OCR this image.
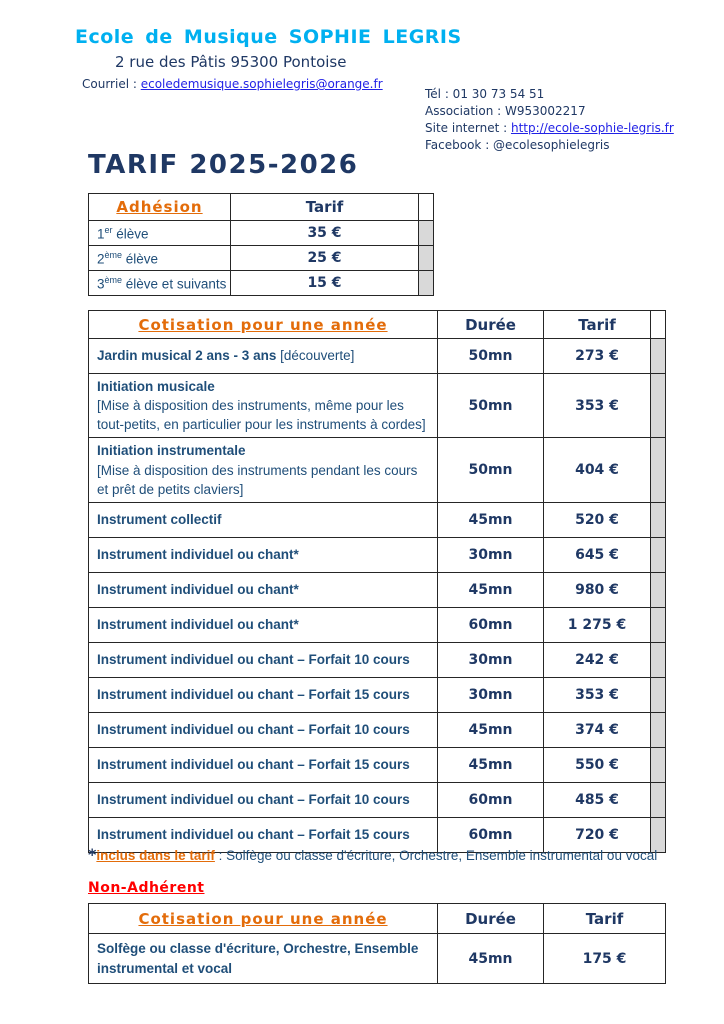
Ecole de Musique SOPHIE LEGRIS
2 rue des Pâtis 95300 Pontoise
Courriel : ecoledemusique.sophielegris@orange.fr
Tél : 01 30 73 54 51
Association : W953002217
Site internet : http://ecole-sophie-legris.fr
Facebook : @ecolesophielegris
TARIF 2025-2026
Adhésion	Tarif	
1er élève	35 €	
2ème élève	25 €	
3ème élève et suivants	15 €	
Cotisation pour une année	Durée	Tarif	
Jardin musical 2 ans - 3 ans [découverte]	50mn	273 €	
Initiation musicale
[Mise à disposition des instruments, même pour les tout-petits, en particulier pour les instruments à cordes]	50mn	353 €	
Initiation instrumentale
[Mise à disposition des instruments pendant les cours et prêt de petits claviers]	50mn	404 €	
Instrument collectif	45mn	520 €	
Instrument individuel ou chant*	30mn	645 €	
Instrument individuel ou chant*	45mn	980 €	
Instrument individuel ou chant*	60mn	1 275 €	
Instrument individuel ou chant – Forfait 10 cours	30mn	242 €	
Instrument individuel ou chant – Forfait 15 cours	30mn	353 €	
Instrument individuel ou chant – Forfait 10 cours	45mn	374 €	
Instrument individuel ou chant – Forfait 15 cours	45mn	550 €	
Instrument individuel ou chant – Forfait 10 cours	60mn	485 €	
Instrument individuel ou chant – Forfait 15 cours	60mn	720 €	
*inclus dans le tarif : Solfège ou classe d'écriture, Orchestre, Ensemble instrumental ou vocal
Non-Adhérent
Cotisation pour une année	Durée	Tarif
Solfège ou classe d'écriture, Orchestre, Ensemble instrumental et vocal	45mn	175 €
